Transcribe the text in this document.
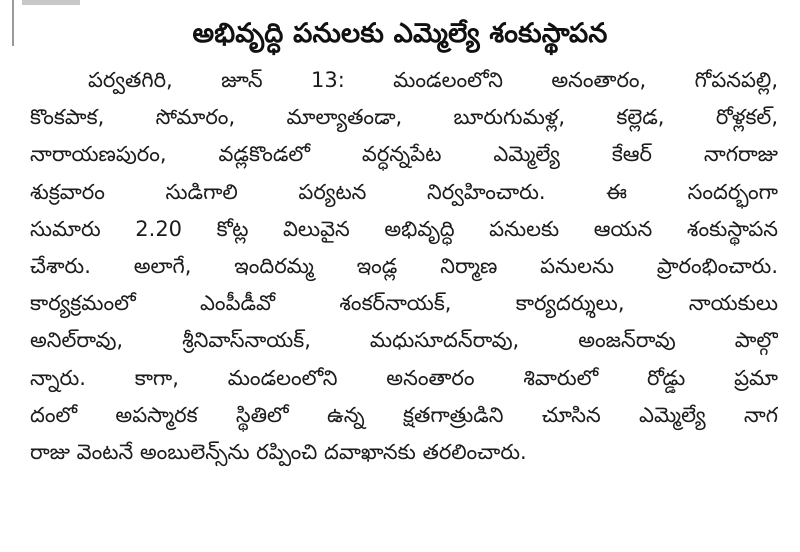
అభివృద్ధి పనులకు ఎమ్మెల్యే శంకుస్థాపన
పర్వతగిరి, జూన్ 13: మండలంలోని అనంతారం, గోపనపల్లి,
కొంకపాక, సోమారం, మాల్యాతండా, బూరుగుమళ్ల, కల్లెడ, రోళ్లకల్,
నారాయణపురం, వడ్లకొండలో వర్ధన్నపేట ఎమ్మెల్యే కేఆర్ నాగరాజు
శుక్రవారం సుడిగాలి పర్యటన నిర్వహించారు. ఈ సందర్భంగా
సుమారు 2.20 కోట్ల విలువైన అభివృద్ధి పనులకు ఆయన శంకుస్థాపన
చేశారు. అలాగే, ఇందిరమ్మ ఇండ్ల నిర్మాణ పనులను ప్రారంభించారు.
కార్యక్రమంలో ఎంపీడీవో శంకర్‌నాయక్, కార్యదర్శులు, నాయకులు
అనిల్‌రావు, శ్రీనివాస్‌నాయక్, మధుసూదన్‌రావు, అంజన్‌రావు పాల్గొ
న్నారు. కాగా, మండలంలోని అనంతారం శివారులో రోడ్డు ప్రమా
దంలో అపస్మారక స్థితిలో ఉన్న క్షతగాత్రుడిని చూసిన ఎమ్మెల్యే నాగ
రాజు వెంటనే అంబులెన్స్‌ను రప్పించి దవాఖానకు తరలించారు.
